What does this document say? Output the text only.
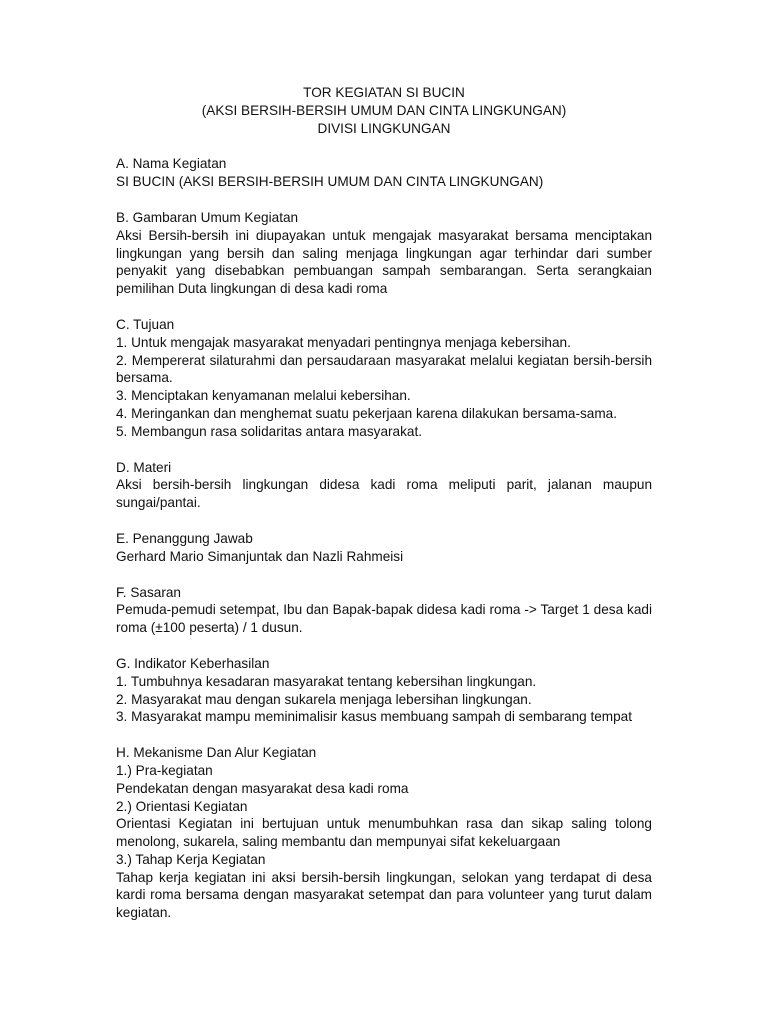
TOR KEGIATAN SI BUCIN
(AKSI BERSIH-BERSIH UMUM DAN CINTA LINGKUNGAN)
DIVISI LINGKUNGAN
A. Nama Kegiatan

SI BUCIN (AKSI BERSIH-BERSIH UMUM DAN CINTA LINGKUNGAN)

B. Gambaran Umum Kegiatan

Aksi Bersih-bersih ini diupayakan untuk mengajak masyarakat bersama menciptakan lingkungan yang bersih dan saling menjaga lingkungan agar terhindar dari sumber penyakit yang disebabkan pembuangan sampah sembarangan. Serta serangkaian pemilihan Duta lingkungan di desa kadi roma

C. Tujuan

1. Untuk mengajak masyarakat menyadari pentingnya menjaga kebersihan.

2. Mempererat silaturahmi dan persaudaraan masyarakat melalui kegiatan bersih-bersih bersama.

3. Menciptakan kenyamanan melalui kebersihan.

4. Meringankan dan menghemat suatu pekerjaan karena dilakukan bersama-sama.

5. Membangun rasa solidaritas antara masyarakat.

D. Materi

Aksi bersih-bersih lingkungan didesa kadi roma meliputi parit, jalanan maupun sungai/pantai.

E. Penanggung Jawab

Gerhard Mario Simanjuntak dan Nazli Rahmeisi

F. Sasaran

Pemuda-pemudi setempat, Ibu dan Bapak-bapak didesa kadi roma -> Target 1 desa kadi roma (±100 peserta) / 1 dusun.

G. Indikator Keberhasilan

1. Tumbuhnya kesadaran masyarakat tentang kebersihan lingkungan.

2. Masyarakat mau dengan sukarela menjaga lebersihan lingkungan.

3. Masyarakat mampu meminimalisir kasus membuang sampah di sembarang tempat

H. Mekanisme Dan Alur Kegiatan
1.) Pra-kegiatan

Pendekatan dengan masyarakat desa kadi roma

2.) Orientasi Kegiatan

Orientasi Kegiatan ini bertujuan untuk menumbuhkan rasa dan sikap saling tolong menolong, sukarela, saling membantu dan mempunyai sifat kekeluargaan

3.) Tahap Kerja Kegiatan

Tahap kerja kegiatan ini aksi bersih-bersih lingkungan, selokan yang terdapat di desa kardi roma bersama dengan masyarakat setempat dan para volunteer yang turut dalam kegiatan.
